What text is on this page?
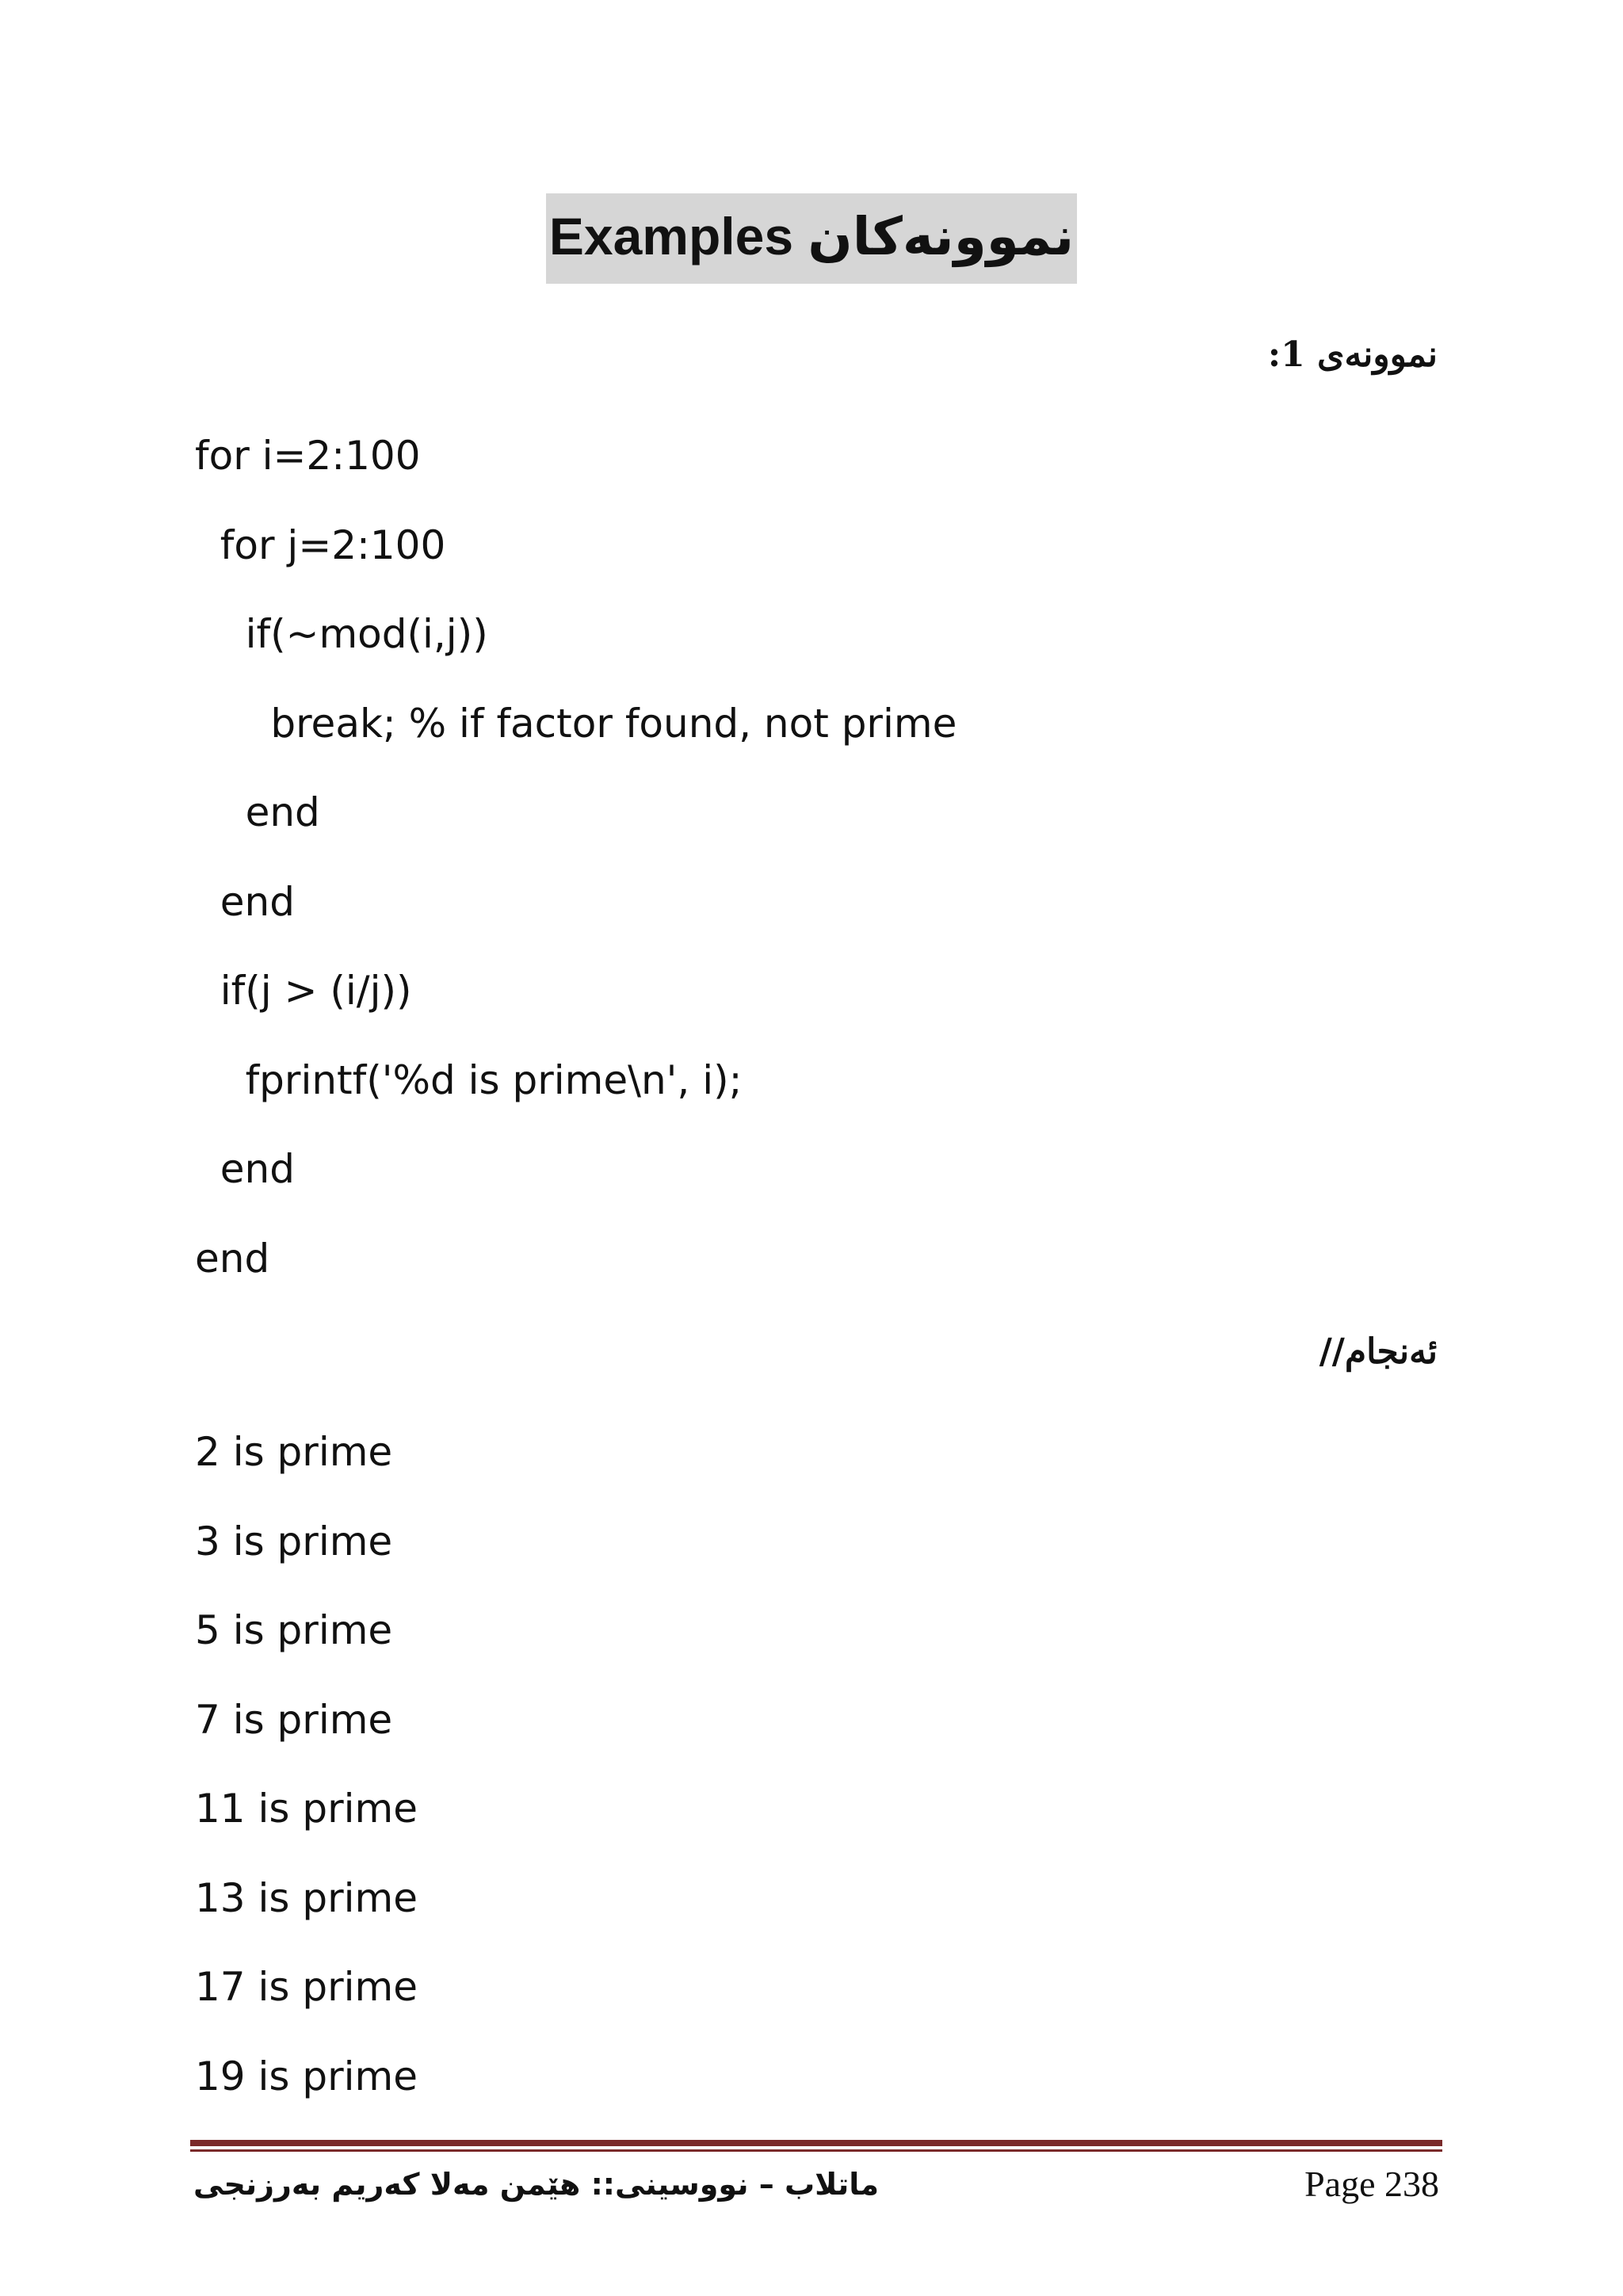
Examples نموونه‌كان
نموونەی 1:
for i=2:100
for j=2:100
if(~mod(i,j))
break; % if factor found, not prime
end
end
if(j > (i/j))
fprintf('%d is prime\n', i);
end
end
ئەنجام//
2 is prime
3 is prime
5 is prime
7 is prime
11 is prime
13 is prime
17 is prime
19 is prime
ماتلاب – نووسینی:: هێمن مەلا کەریم بەرزنجی	Page 238
